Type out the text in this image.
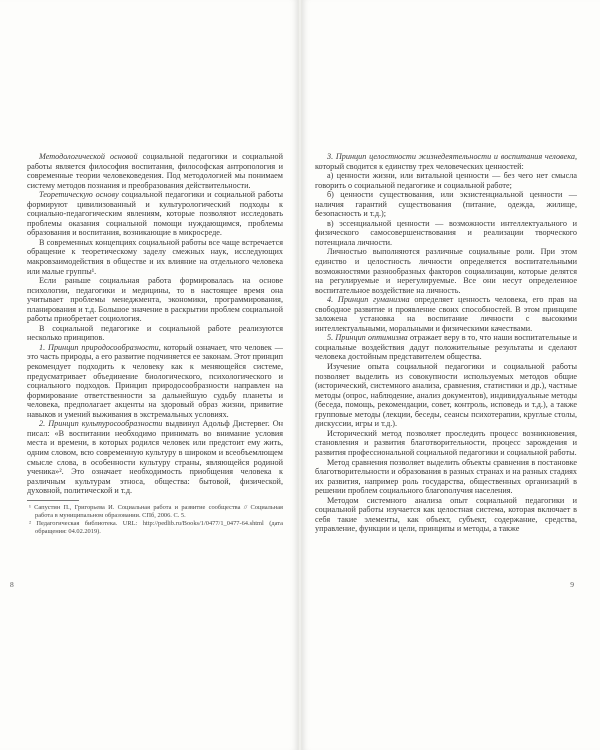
Методологической основой социальной педагогики и социальной работы является философия воспитания, философская антропология и современные теории человековедения. Под методологией мы понимаем систему методов познания и преобразования действительности.

Теоретическую основу социальной педагогики и социальной работы формируют цивилизованный и культурологический подходы к социально-педагогическим явлениям, которые позволяют исследовать проблемы оказания социальной помощи нуждающимся, проблемы образования и воспитания, возникающие в микросреде.

В современных концепциях социальной работы все чаще встречается обращение к теоретическому заделу смежных наук, исследующих макровзаимодействия в обществе и их влияние на отдельного человека или малые группы¹.

Если раньше социальная работа формировалась на основе психологии, педагогики и медицины, то в настоящее время она учитывает проблемы менеджмента, экономики, программирования, планирования и т.д. Большое значение в раскрытии проблем социальной работы приобретает социология.

В социальной педагогике и социальной работе реализуются несколько принципов.

1. Принцип природосообразности, который означает, что человек — это часть природы, а его развитие подчиняется ее законам. Этот принцип рекомендует подходить к человеку как к меняющейся системе, предусматривает объединение биологического, психологического и социального подходов. Принцип природосообразности направлен на формирование ответственности за дальнейшую судьбу планеты и человека, предполагает акценты на здоровый образ жизни, привитие навыков и умений выживания в экстремальных условиях.

2. Принцип культуросообразности выдвинул Адольф Дистервег. Он писал: «В воспитании необходимо принимать во внимание условия места и времени, в которых родился человек или предстоит ему жить, одним словом, всю современную культуру в широком и всеобъемлющем смысле слова, в особенности культуру страны, являющейся родиной ученика»². Это означает необходимость приобщения человека к различным культурам этноса, общества: бытовой, физической, духовной, политической и т.д.

¹ Сапустин П., Григорьева И. Социальная работа и развитие сообщества // Социальная работа в муниципальном образовании. СПб, 2006. С. 5.

² Педагогическая библиотека. URL: http://pedlib.ru/Books/1/0477/1_0477-64.shtml (дата обращения: 04.02.2019).

8

3. Принцип целостности жизнедеятельности и воспитания человека, который сводится к единству трех человеческих ценностей:

а) ценности жизни, или витальной ценности — без чего нет смысла говорить о социальной педагогике и социальной работе;

б) ценности существования, или экзистенциальной ценности — наличия гарантий существования (питание, одежда, жилище, безопасность и т.д.);

в) эссенциальной ценности — возможности интеллектуального и физического самосовершенствования и реализации творческого потенциала личности.

Личностью выполняются различные социальные роли. При этом единство и целостность личности определяется воспитательными возможностями разнообразных факторов социализации, которые делятся на регулируемые и нерегулируемые. Все они несут определенное воспитательное воздействие на личность.

4. Принцип гуманизма определяет ценность человека, его прав на свободное развитие и проявление своих способностей. В этом принципе заложена установка на воспитание личности с высокими интеллектуальными, моральными и физическими качествами.

5. Принцип оптимизма отражает веру в то, что наши воспитательные и социальные воздействия дадут положительные результаты и сделают человека достойным представителем общества.

Изучение опыта социальной педагогики и социальной работы позволяет выделить из совокупности используемых методов общие (исторический, системного анализа, сравнения, статистики и др.), частные методы (опрос, наблюдение, анализ документов), индивидуальные методы (беседа, помощь, рекомендации, совет, контроль, исповедь и т.д.), а также групповые методы (лекции, беседы, сеансы психотерапии, круглые столы, дискуссии, игры и т.д.).

Исторический метод позволяет проследить процесс возникновения, становления и развития благотворительности, процесс зарождения и развития профессиональной социальной педагогики и социальной работы.

Метод сравнения позволяет выделить объекты сравнения в постановке благотворительности и образования в разных странах и на разных стадиях их развития, например роль государства, общественных организаций в решении проблем социального благополучия населения.

Методом системного анализа опыт социальной педагогики и социальной работы изучается как целостная система, которая включает в себя такие элементы, как объект, субъект, содержание, средства, управление, функции и цели, принципы и методы, а также

9
